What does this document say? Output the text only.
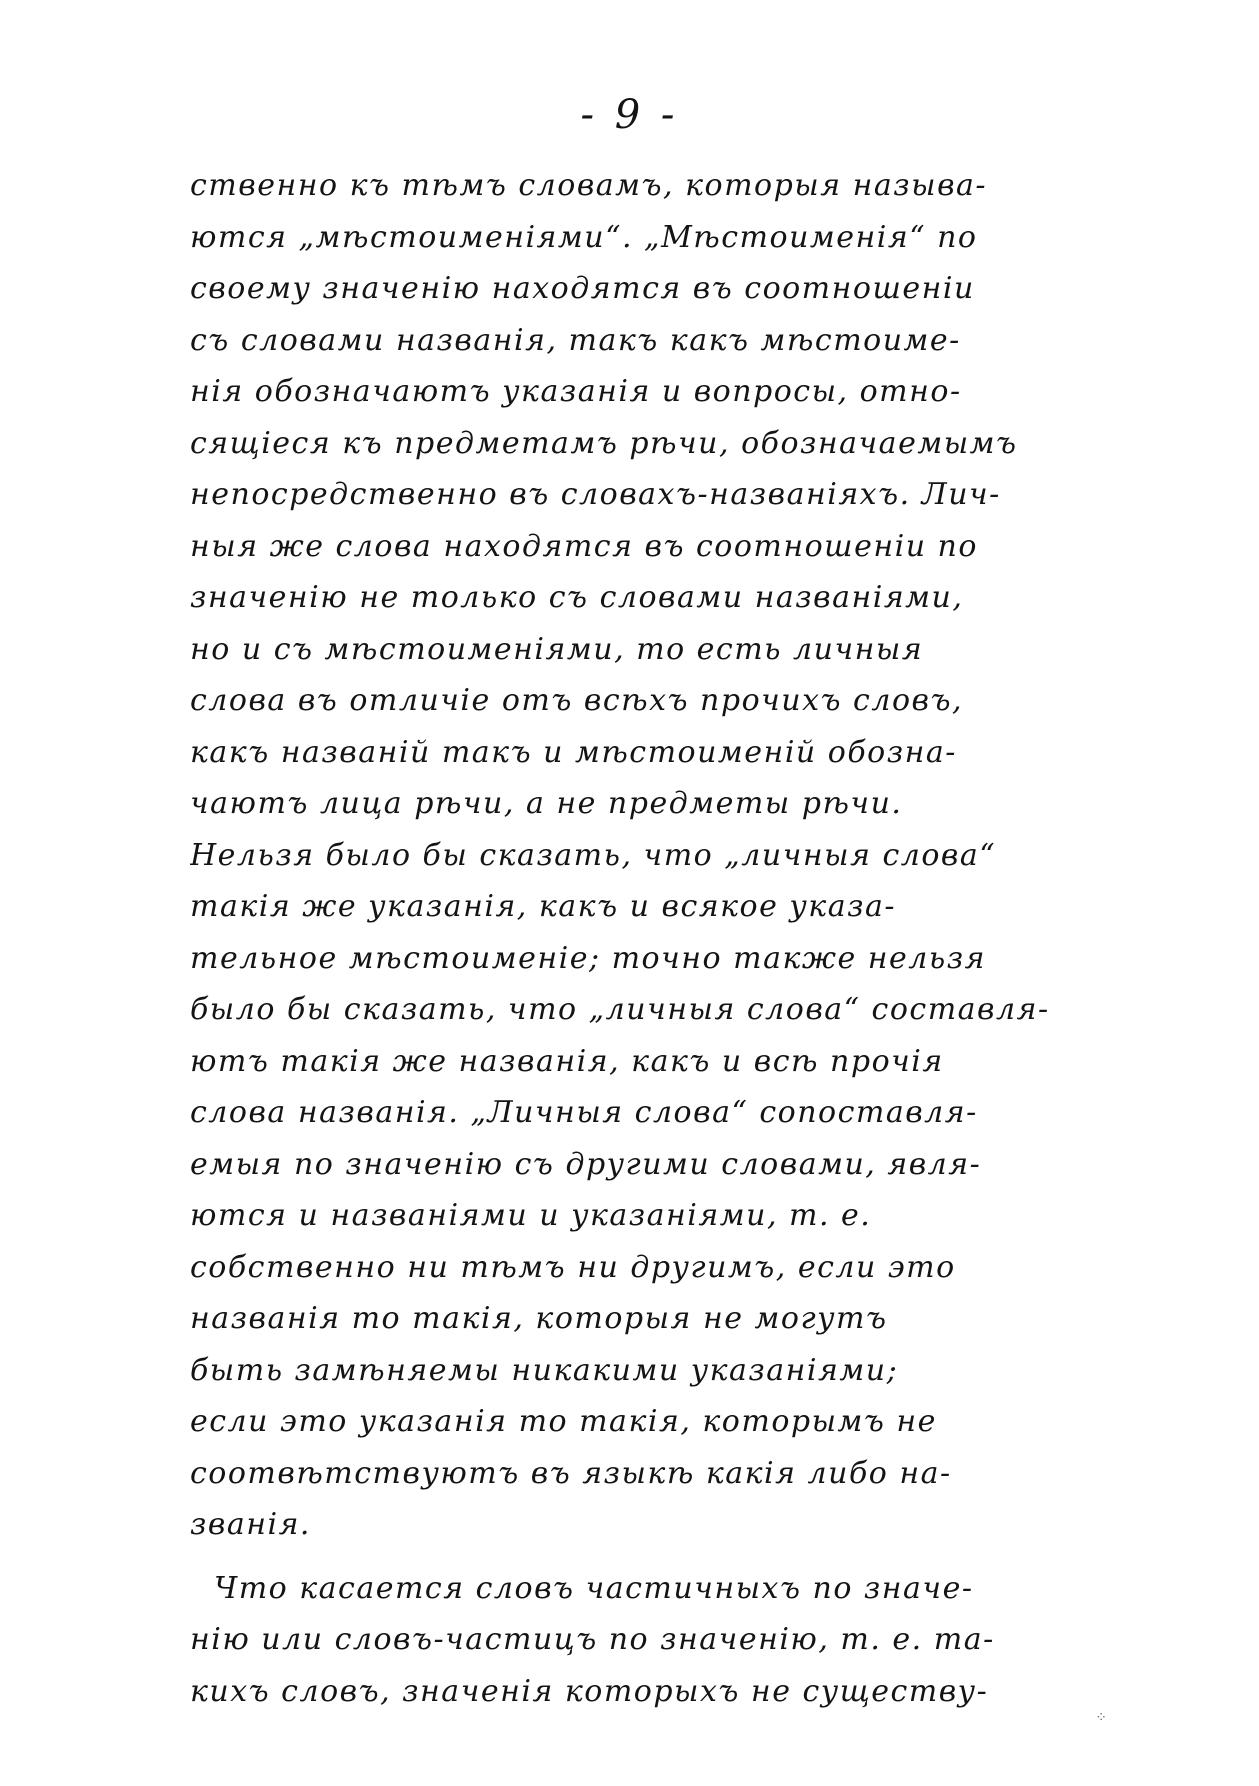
- 9 -
ственно къ тѣмъ словамъ, которыя называ-
ются „мѣстоименіями“. „Мѣстоименія“ по
своему значенію находятся въ соотношеніи
съ словами названія, такъ какъ мѣстоиме-
нія обозначаютъ указанія и вопросы, отно-
сящіеся къ предметамъ рѣчи, обозначаемымъ
непосредственно въ словахъ-названіяхъ. Лич-
ныя же слова находятся въ соотношеніи по
значенію не только съ словами названіями,
но и съ мѣстоименіями, то есть личныя
слова въ отличіе отъ всѣхъ прочихъ словъ,
какъ названій такъ и мѣстоименій обозна-
чаютъ лица рѣчи, а не предметы рѣчи.
Нельзя было бы сказать, что „личныя слова“
такія же указанія, какъ и всякое указа-
тельное мѣстоименіе; точно также нельзя
было бы сказать, что „личныя слова“ составля-
ютъ такія же названія, какъ и всѣ прочія
слова названія. „Личныя слова“ сопоставля-
емыя по значенію съ другими словами, явля-
ются и названіями и указаніями, т. е.
собственно ни тѣмъ ни другимъ, если это
названія то такія, которыя не могутъ
быть замѣняемы никакими указаніями;
если это указанія то такія, которымъ не
соотвѣтствуютъ въ языкѣ какія либо на-
званія.
Что касается словъ частичныхъ по значе-
нію или словъ-частицъ по значенію, т. е. та-
кихъ словъ, значенія которыхъ не существу-
⁘
